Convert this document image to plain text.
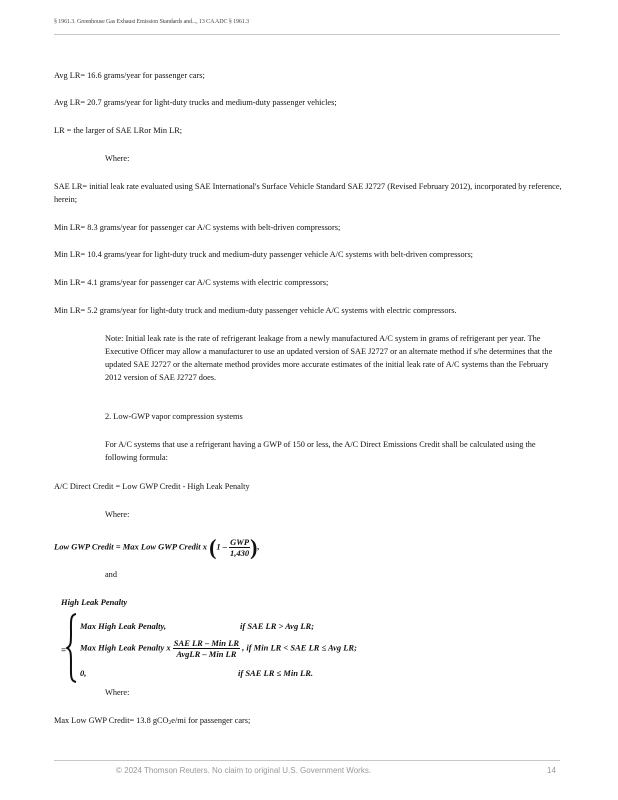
§ 1961.3. Greenhouse Gas Exhaust Emission Standards and..., 13 CA ADC § 1961.3
Avg LR= 16.6 grams/year for passenger cars;
Avg LR= 20.7 grams/year for light-duty trucks and medium-duty passenger vehicles;
LR = the larger of SAE LRor Min LR;
Where:
SAE LR= initial leak rate evaluated using SAE International's Surface Vehicle Standard SAE J2727 (Revised February 2012), incorporated by reference, herein;
Min LR= 8.3 grams/year for passenger car A/C systems with belt-driven compressors;
Min LR= 10.4 grams/year for light-duty truck and medium-duty passenger vehicle A/C systems with belt-driven compressors;
Min LR= 4.1 grams/year for passenger car A/C systems with electric compressors;
Min LR= 5.2 grams/year for light-duty truck and medium-duty passenger vehicle A/C systems with electric compressors.
Note: Initial leak rate is the rate of refrigerant leakage from a newly manufactured A/C system in grams of refrigerant per year. The Executive Officer may allow a manufacturer to use an updated version of SAE J2727 or an alternate method if s/he determines that the updated SAE J2727 or the alternate method provides more accurate estimates of the initial leak rate of A/C systems than the February 2012 version of SAE J2727 does.
2. Low-GWP vapor compression systems
For A/C systems that use a refrigerant having a GWP of 150 or less, the A/C Direct Emissions Credit shall be calculated using the following formula:
A/C Direct Credit = Low GWP Credit - High Leak Penalty
Where:
Low GWP Credit = Max Low GWP Credit x ($1 - \frac{\text{GWP}}{1,430}$ ),
and
High Leak Penalty
=
Max High Leak Penalty,	if SAE LR > Avg LR;
Max High Leak Penalty x $\frac{\text{SAE LR – Min LR}}{\text{AvgLR – Min LR}}$ , if Min LR < SAE LR ≤ Avg LR;
0,	if SAE LR ≤ Min LR.
Where:
Max Low GWP Credit= 13.8 gCO2e/mi for passenger cars;
© 2024 Thomson Reuters. No claim to original U.S. Government Works.	14
